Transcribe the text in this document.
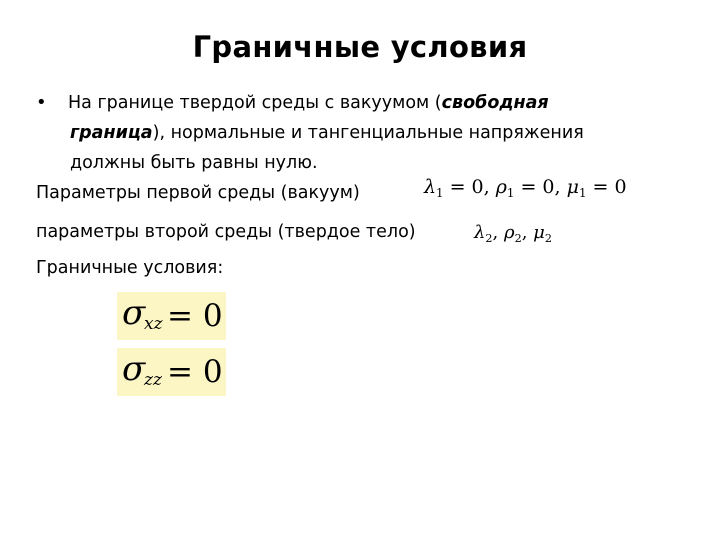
Граничные условия
• На границе твердой среды с вакуумом (свободная
граница), нормальные и тангенциальные напряжения
должны быть равны нулю.
Параметры первой среды (вакуум)	$\lambda_1 = 0$, $\rho_1 = 0$, $\mu_1 = 0$
параметры второй среды (твердое тело)	$\lambda_2$, $\rho_2$, $\mu_2$
Граничные условия:
σ
xz = 0
σ
zz = 0
